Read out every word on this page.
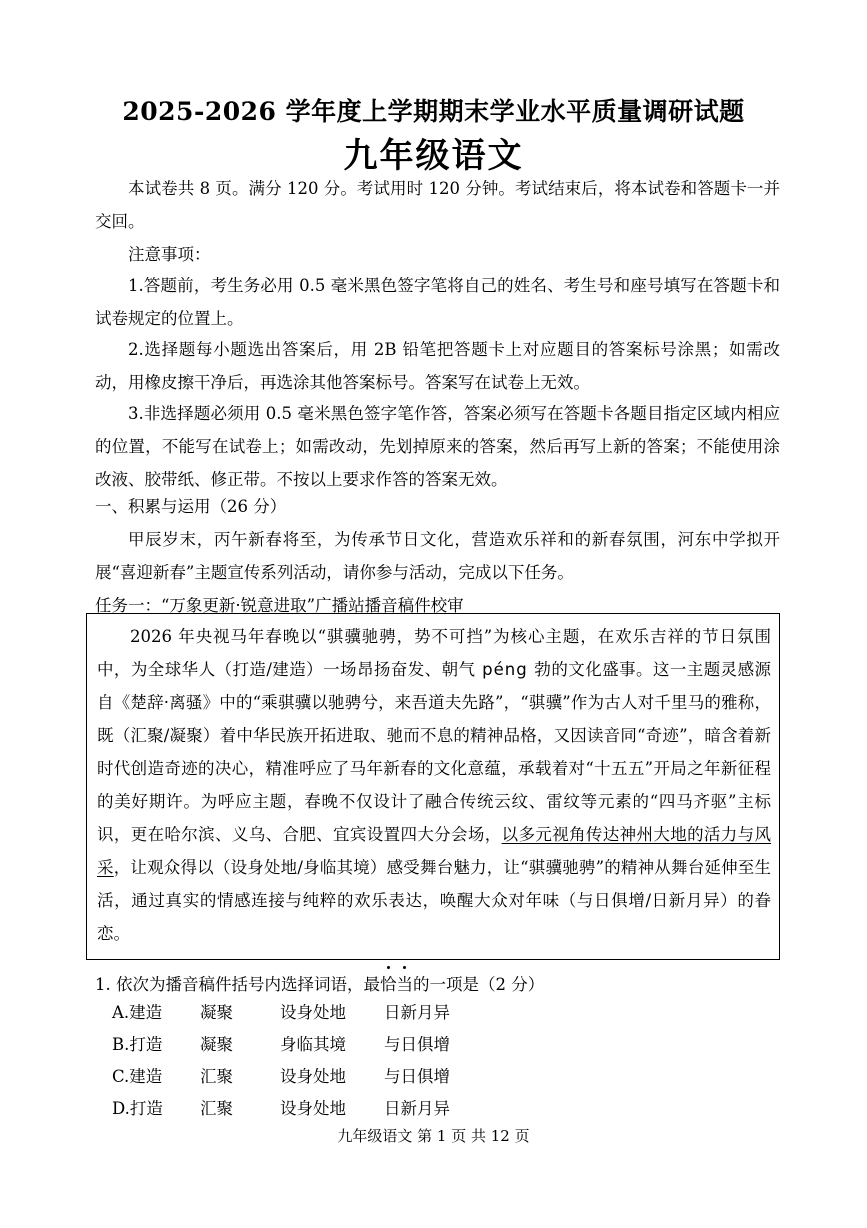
2025-2026 学年度上学期期末学业水平质量调研试题
九年级语文
本试卷共 8 页。满分 120 分。考试用时 120 分钟。考试结束后，将本试卷和答题卡一并交回。
注意事项：
1.答题前，考生务必用 0.5 毫米黑色签字笔将自己的姓名、考生号和座号填写在答题卡和试卷规定的位置上。
2.选择题每小题选出答案后，用 2B 铅笔把答题卡上对应题目的答案标号涂黑；如需改动，用橡皮擦干净后，再选涂其他答案标号。答案写在试卷上无效。
3.非选择题必须用 0.5 毫米黑色签字笔作答，答案必须写在答题卡各题目指定区域内相应的位置，不能写在试卷上；如需改动，先划掉原来的答案，然后再写上新的答案；不能使用涂改液、胶带纸、修正带。不按以上要求作答的答案无效。
一、积累与运用（26 分）
甲辰岁末，丙午新春将至，为传承节日文化，营造欢乐祥和的新春氛围，河东中学拟开展“喜迎新春”主题宣传系列活动，请你参与活动，完成以下任务。
任务一：“万象更新·锐意进取”广播站播音稿件校审
2026 年央视马年春晚以“骐骥驰骋，势不可挡”为核心主题，在欢乐吉祥的节日氛围中，为全球华人（打造/建造）一场昂扬奋发、朝气 péng 勃的文化盛事。这一主题灵感源自《楚辞·离骚》中的“乘骐骥以驰骋兮，来吾道夫先路”，“骐骥”作为古人对千里马的雅称，既（汇聚/凝聚）着中华民族开拓进取、驰而不息的精神品格，又因读音同“奇迹”，暗含着新时代创造奇迹的决心，精准呼应了马年新春的文化意蕴，承载着对“十五五”开局之年新征程的美好期许。为呼应主题，春晚不仅设计了融合传统云纹、雷纹等元素的“四马齐驱”主标识，更在哈尔滨、义乌、合肥、宜宾设置四大分会场，以多元视角传达神州大地的活力与风采，让观众得以（设身处地/身临其境）感受舞台魅力，让“骐骥驰骋”的精神从舞台延伸至生活，通过真实的情感连接与纯粹的欢乐表达，唤醒大众对年味（与日俱增/日新月异）的眷恋。
1. 依次为播音稿件括号内选择词语，最恰当的一项是（2 分）
A.建造 凝聚	设身处地 日新月异
B.打造 凝聚	身临其境 与日俱增
C.建造 汇聚	设身处地 与日俱增
D.打造 汇聚	设身处地 日新月异
九年级语文 第 1 页 共 12 页
